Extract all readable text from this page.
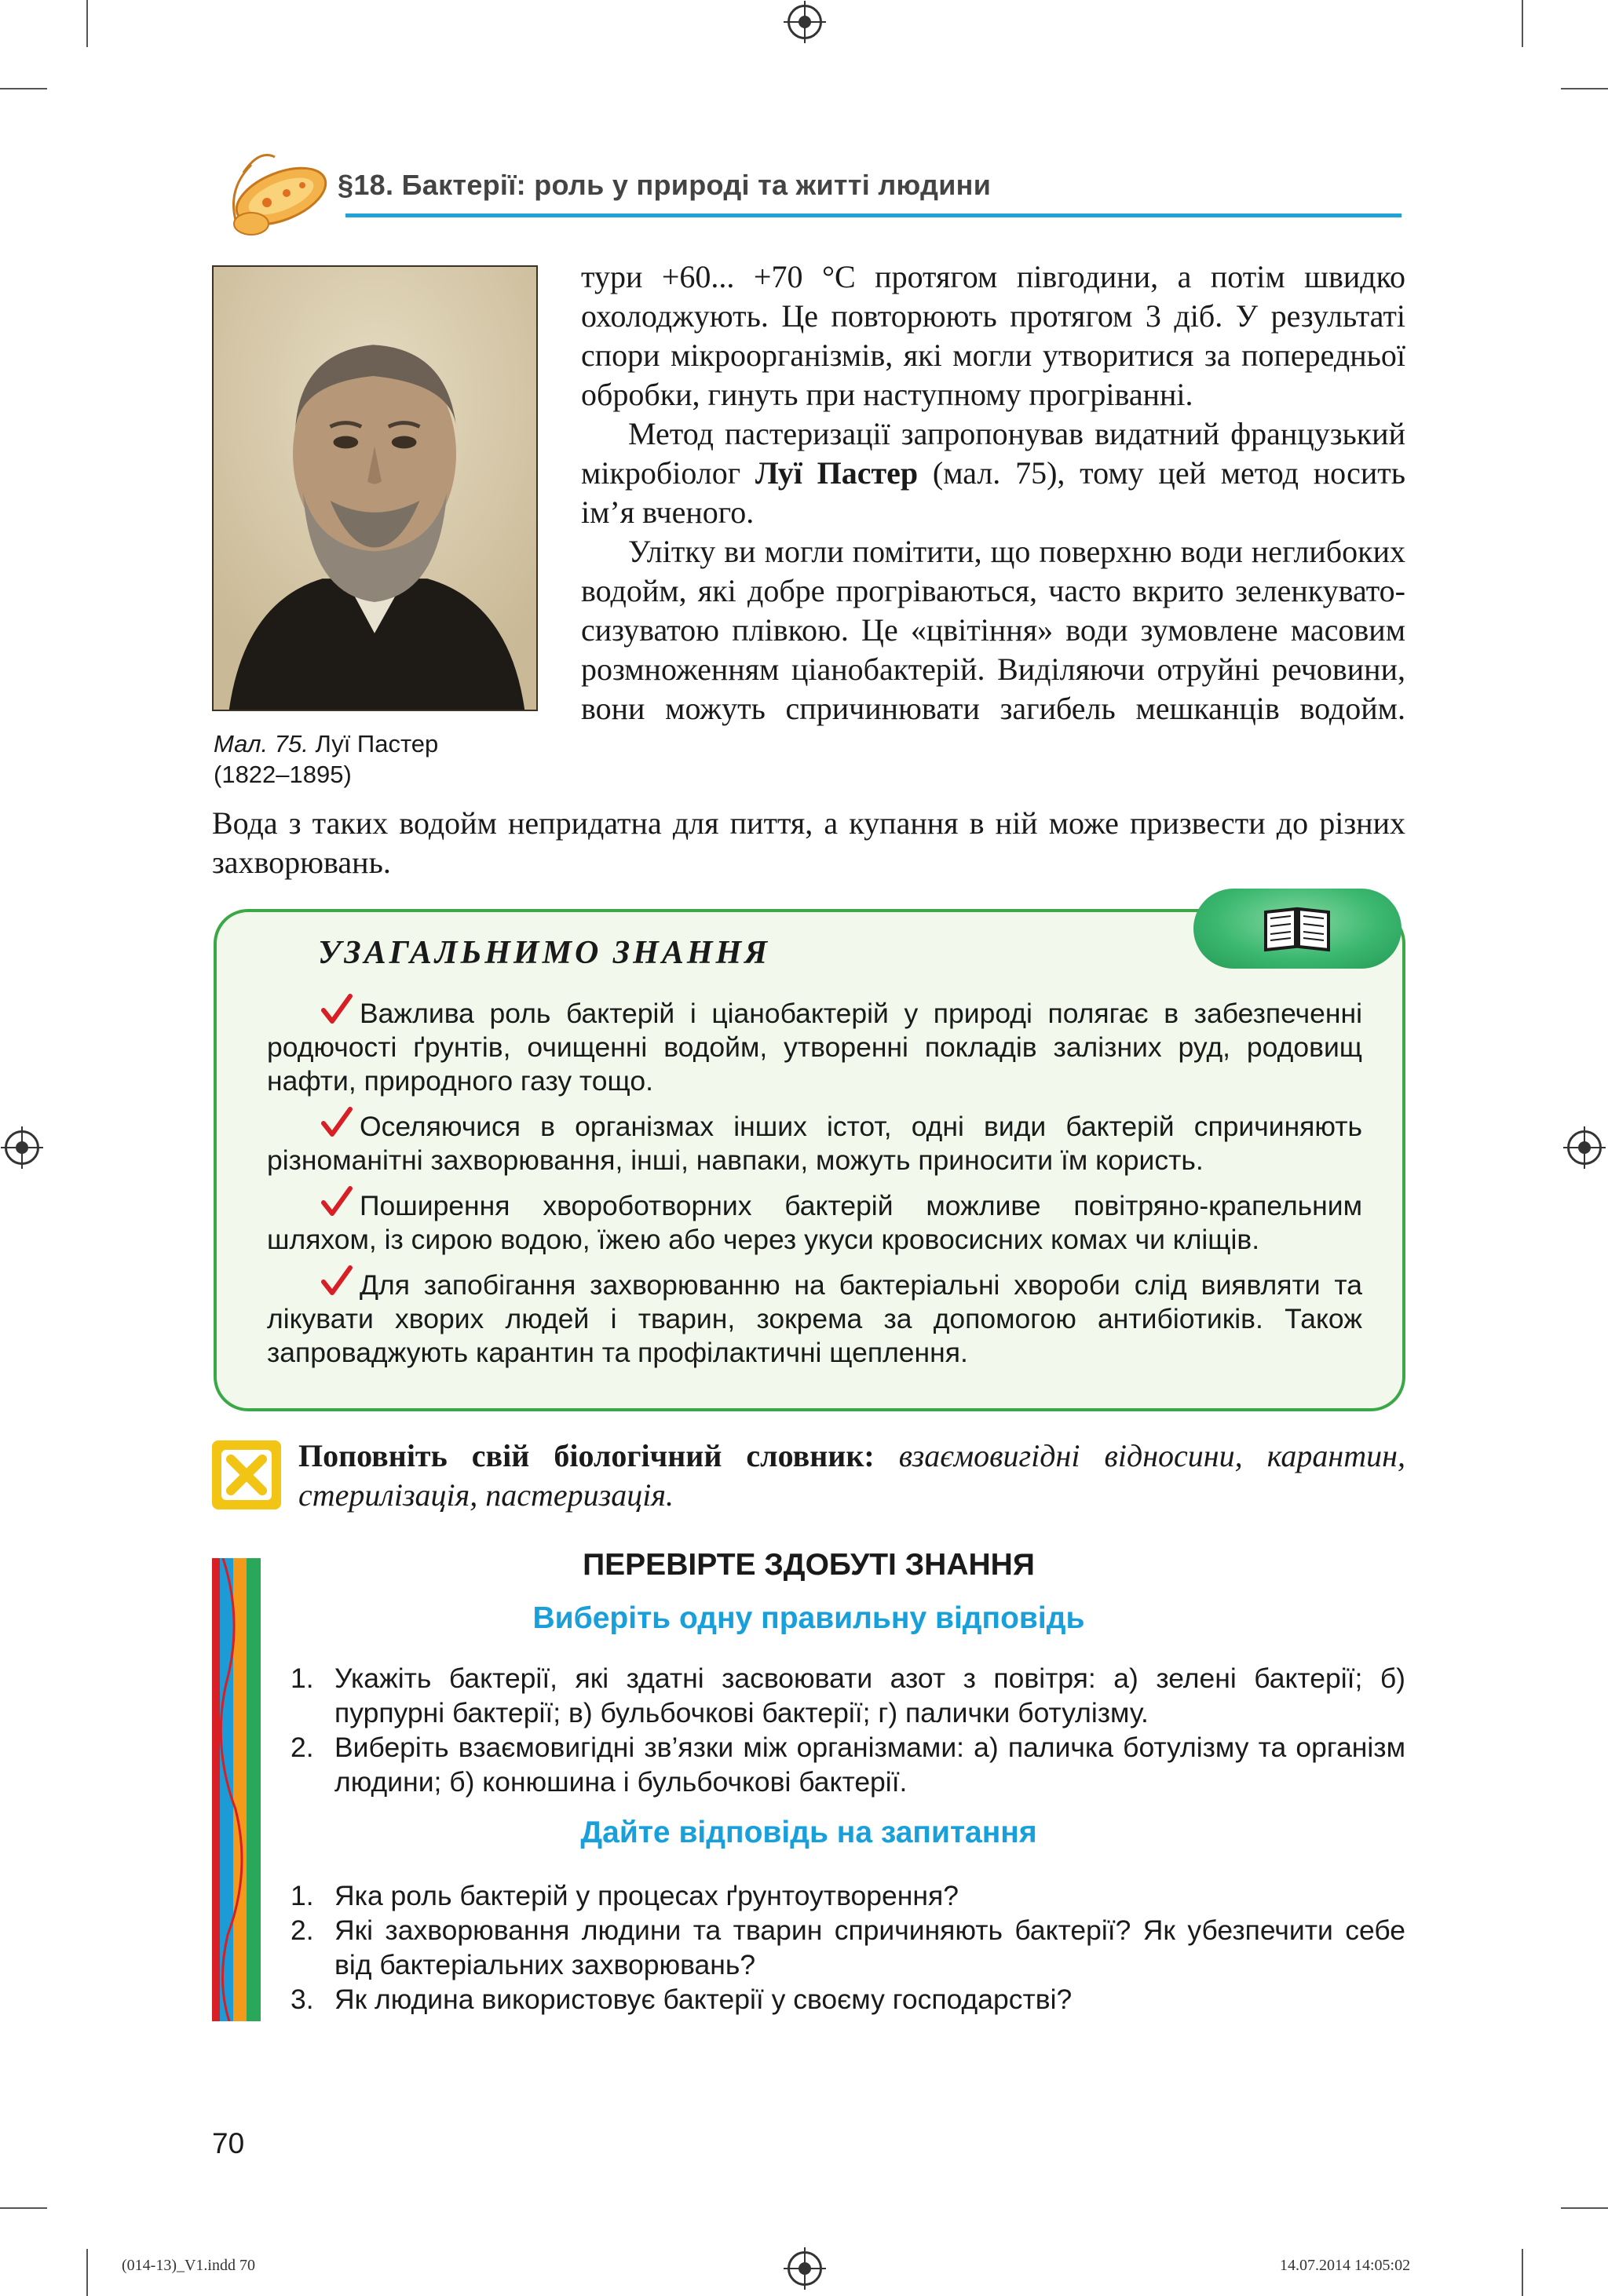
§18. Бактерії: роль у природі та житті людини
Мал. 75. Луї Пастер
(1822–1895)

тури +60... +70 °С протягом півгодини, а потім швидко охолоджують. Це повторюють протягом 3 діб. У результаті спори мікроорганізмів, які могли утворитися за попередньої обробки, гинуть при наступному прогріванні.

Метод пастеризації запропонував видатний французький мікробіолог Луї Пастер (мал. 75), тому цей метод носить ім’я вченого.

Улітку ви могли помітити, що поверхню води неглибоких водойм, які добре прогріваються, часто вкрито зеленкувато-сизуватою плівкою. Це «цвітіння» води зумовлене масовим розмноженням ціанобактерій. Виділяючи отруйні речовини, вони можуть спричинювати загибель мешканців водойм.

Вода з таких водойм непридатна для пиття, а купання в ній може призвести до різних захворювань.

УЗАГАЛЬНИМО ЗНАННЯ
Важлива роль бактерій і ціанобактерій у природі полягає в забезпеченні родючості ґрунтів, очищенні водойм, утворенні покладів залізних руд, родовищ нафти, природного газу тощо.
Оселяючися в організмах інших істот, одні види бактерій спричиняють різноманітні захворювання, інші, навпаки, можуть приносити їм користь.
Поширення хвороботворних бактерій можливе повітряно-крапельним шляхом, із сирою водою, їжею або через укуси кровосисних комах чи кліщів.
Для запобігання захворюванню на бактеріальні хвороби слід виявляти та лікувати хворих людей і тварин, зокрема за допомогою антибіотиків. Також запроваджують карантин та профілактичні щеплення.
Поповніть свій біологічний словник: взаємовигідні відносини, карантин, стерилізація, пастеризація.
ПЕРЕВІРТЕ ЗДОБУТІ ЗНАННЯ
Виберіть одну правильну відповідь
1. Укажіть бактерії, які здатні засвоювати азот з повітря: а) зелені бактерії; б) пурпурні бактерії; в) бульбочкові бактерії; г) палички ботулізму.
2. Виберіть взаємовигідні зв’язки між організмами: а) паличка ботулізму та організм людини; б) конюшина і бульбочкові бактерії.
Дайте відповідь на запитання
1. Яка роль бактерій у процесах ґрунтоутворення?
2. Які захворювання людини та тварин спричиняють бактерії? Як убезпечити себе від бактеріальних захворювань?
3. Як людина використовує бактерії у своєму господарстві?
70
(014-13)_V1.indd 70	14.07.2014 14:05:02
